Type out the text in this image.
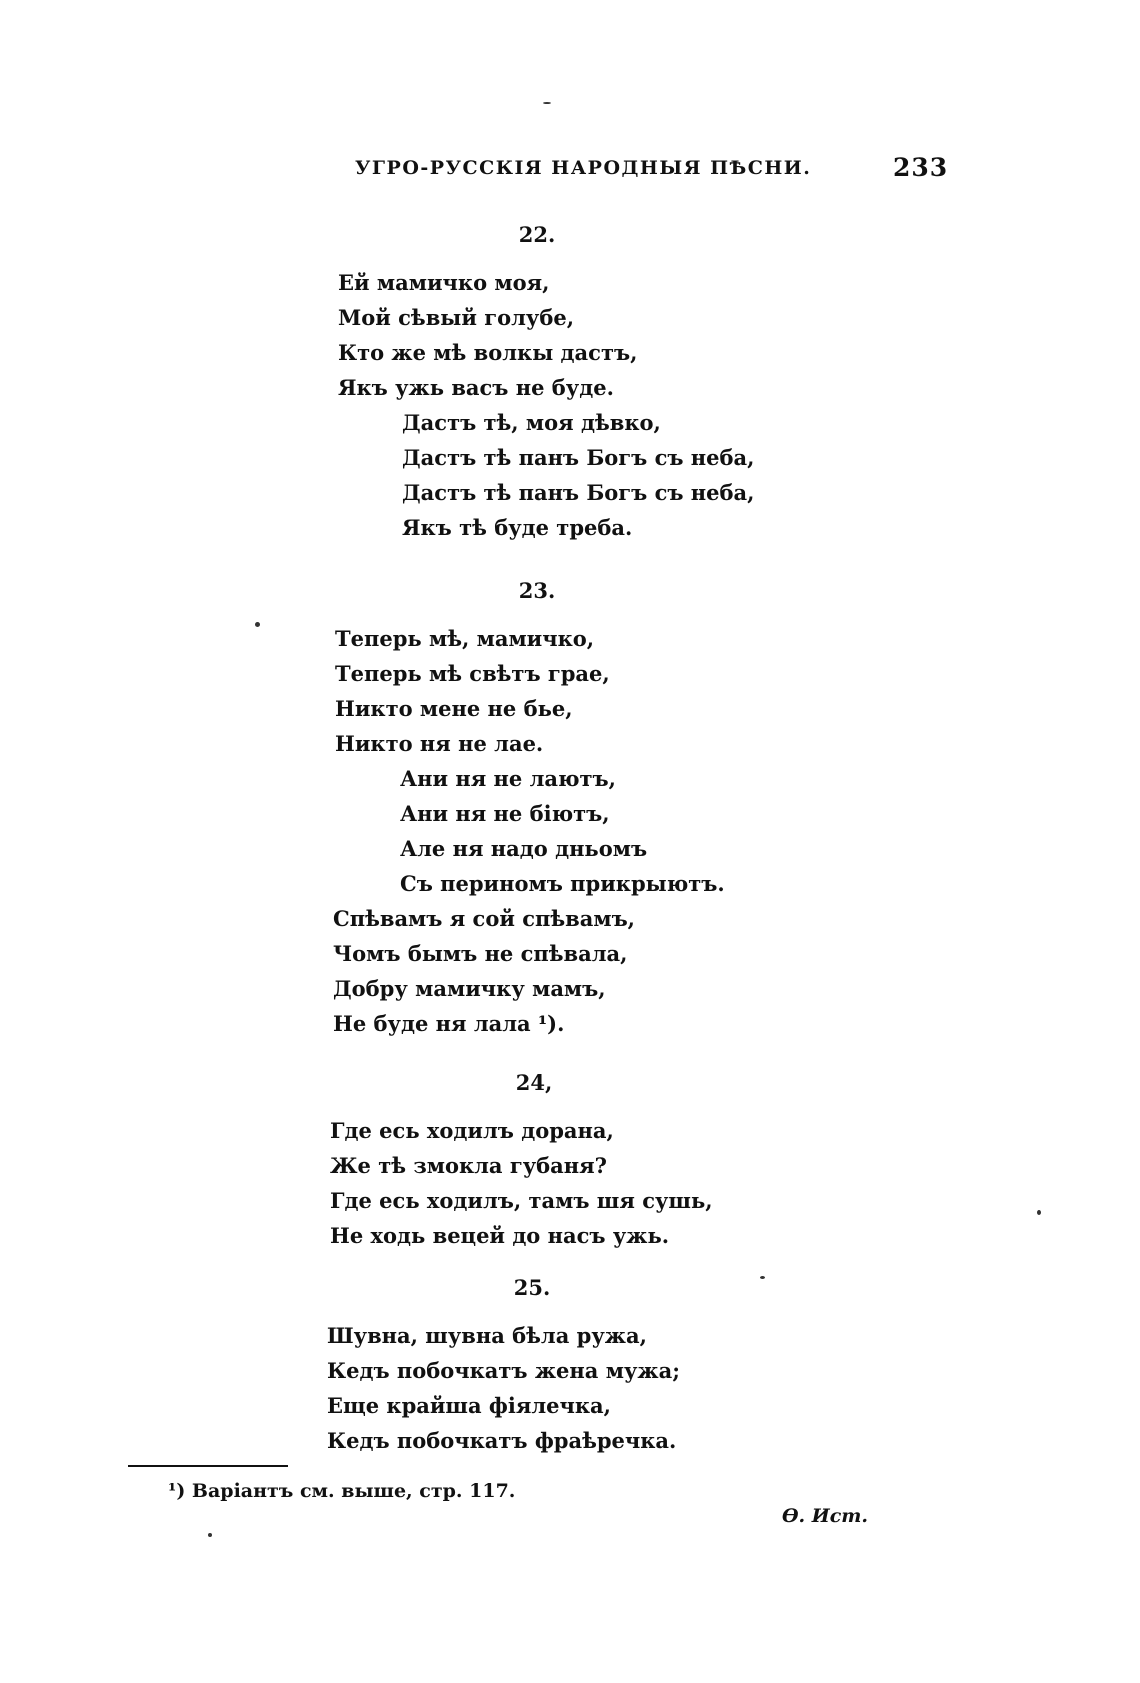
УГРО-РУССКІЯ НАРОДНЫЯ ПѢСНИ.	233
22.
Ей мамичко моя,
Мой сѣвый голубе,
Кто же мѣ волкы дастъ,
Якъ ужь васъ не буде.
Дастъ тѣ, моя дѣвко,
Дастъ тѣ панъ Богъ съ неба,
Дастъ тѣ панъ Богъ съ неба,
Якъ тѣ буде треба.
23.
Теперь мѣ, мамичко,
Теперь мѣ свѣтъ грае,
Никто мене не бье,
Никто ня не лае.
Ани ня не лаютъ,
Ани ня не біютъ,
Але ня надо дньомъ
Съ периномъ прикрыютъ.
Спѣвамъ я сой спѣвамъ,
Чомъ бымъ не спѣвала,
Добру мамичку мамъ,
Не буде ня лала ¹).
24,
Где есь ходилъ дорана,
Же тѣ змокла губаня?
Где есь ходилъ, тамъ шя сушь,
Не ходь вецей до насъ ужь.
25.
Шувна, шувна бѣла ружа,
Кедъ побочкатъ жена мужа;
Еще крайша фіялечка,
Кедъ побочкатъ фраѣречка.
¹) Варіантъ см. выше, стр. 117.
Ѳ. Ист.
